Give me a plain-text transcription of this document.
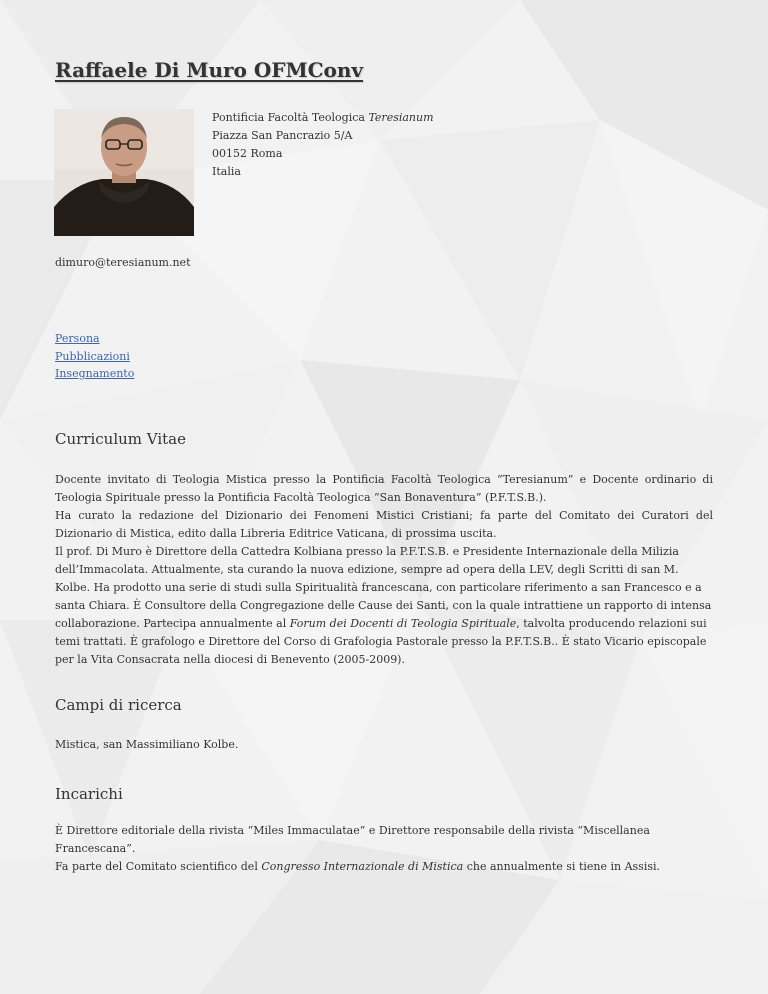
Raffaele Di Muro OFMConv
Pontificia Facoltà Teologica Teresianum
Piazza San Pancrazio 5/A
00152 Roma
Italia
dimuro@teresianum.net
Persona
Pubblicazioni
Insegnamento
Curriculum Vitae

Docente invitato di Teologia Mistica presso la Pontificia Facoltà Teologica “Teresianum” e Docente ordinario di Teologia Spirituale presso la Pontificia Facoltà Teologica “San Bonaventura” (P.F.T.S.B.).

Ha curato la redazione del Dizionario dei Fenomeni Mistici Cristiani; fa parte del Comitato dei Curatori del Dizionario di Mistica, edito dalla Libreria Editrice Vaticana, di prossima uscita.

Il prof. Di Muro è Direttore della Cattedra Kolbiana presso la P.F.T.S.B. e Presidente Internazionale della Milizia dell’Immacolata. Attualmente, sta curando la nuova edizione, sempre ad opera della LEV, degli Scritti di san M. Kolbe. Ha prodotto una serie di studi sulla Spiritualità francescana, con particolare riferimento a san Francesco e a santa Chiara. È Consultore della Congregazione delle Cause dei Santi, con la quale intrattiene un rapporto di intensa collaborazione. Partecipa annualmente al Forum dei Docenti di Teologia Spirituale, talvolta producendo relazioni sui temi trattati. È grafologo e Direttore del Corso di Grafologia Pastorale presso la P.F.T.S.B.. È stato Vicario episcopale per la Vita Consacrata nella diocesi di Benevento (2005-2009).

Campi di ricerca

Mistica, san Massimiliano Kolbe.

Incarichi

È Direttore editoriale della rivista “Miles Immaculatae” e Direttore responsabile della rivista “Miscellanea Francescana”.

Fa parte del Comitato scientifico del Congresso Internazionale di Mistica che annualmente si tiene in Assisi.
